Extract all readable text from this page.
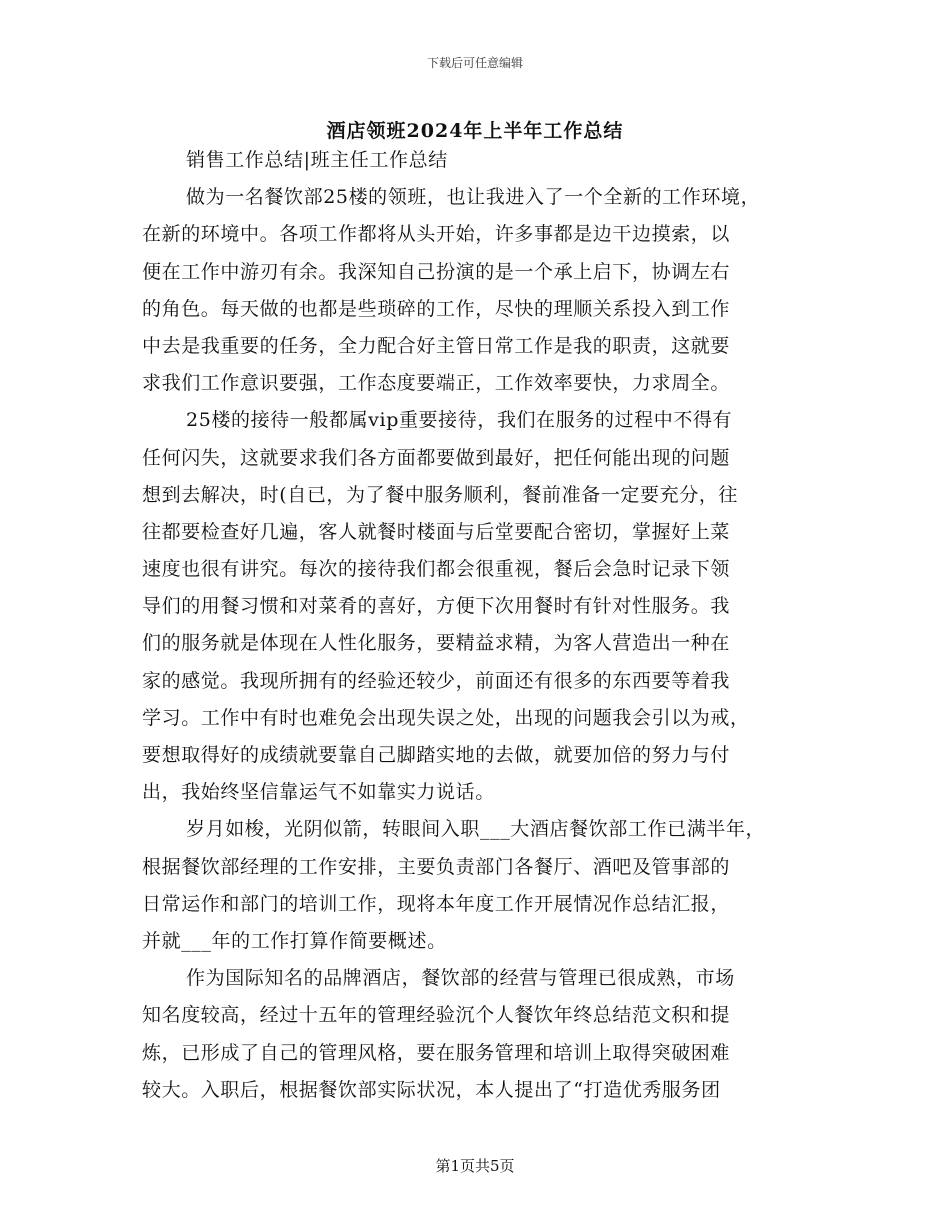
下载后可任意编辑
酒店领班2024年上半年工作总结
销售工作总结|班主任工作总结
做为一名餐饮部25楼的领班，也让我进入了一个全新的工作环境，
在新的环境中。各项工作都将从头开始，许多事都是边干边摸索，以
便在工作中游刃有余。我深知自己扮演的是一个承上启下，协调左右
的角色。每天做的也都是些琐碎的工作，尽快的理顺关系投入到工作
中去是我重要的任务，全力配合好主管日常工作是我的职责，这就要
求我们工作意识要强，工作态度要端正，工作效率要快，力求周全。
25楼的接待一般都属vip重要接待，我们在服务的过程中不得有
任何闪失，这就要求我们各方面都要做到最好，把任何能出现的问题
想到去解决，时(自已，为了餐中服务顺利，餐前准备一定要充分，往
往都要检查好几遍，客人就餐时楼面与后堂要配合密切，掌握好上菜
速度也很有讲究。每次的接待我们都会很重视，餐后会急时记录下领
导们的用餐习惯和对菜肴的喜好，方便下次用餐时有针对性服务。我
们的服务就是体现在人性化服务，要精益求精，为客人营造出一种在
家的感觉。我现所拥有的经验还较少，前面还有很多的东西要等着我
学习。工作中有时也难免会出现失误之处，出现的问题我会引以为戒，
要想取得好的成绩就要靠自己脚踏实地的去做，就要加倍的努力与付
出，我始终坚信靠运气不如靠实力说话。
岁月如梭，光阴似箭，转眼间入职___大酒店餐饮部工作已满半年，
根据餐饮部经理的工作安排，主要负责部门各餐厅、酒吧及管事部的
日常运作和部门的培训工作，现将本年度工作开展情况作总结汇报，
并就___年的工作打算作简要概述。
作为国际知名的品牌酒店，餐饮部的经营与管理已很成熟，市场
知名度较高，经过十五年的管理经验沉个人餐饮年终总结范文积和提
炼，已形成了自己的管理风格，要在服务管理和培训上取得突破困难
较大。入职后，根据餐饮部实际状况，本人提出了“打造优秀服务团
第1页共5页
